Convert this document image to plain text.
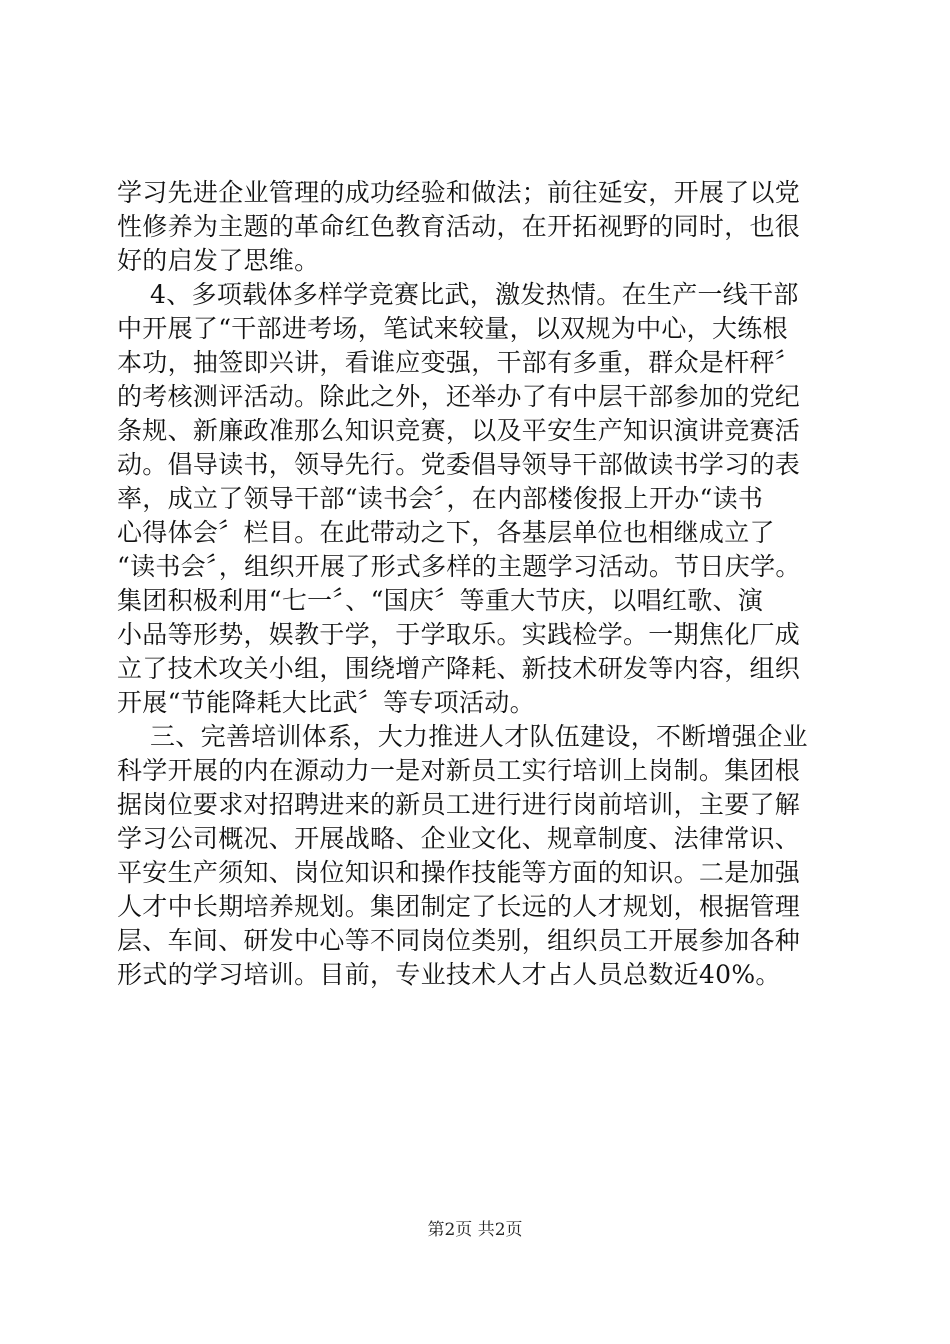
学习先进企业管理的成功经验和做法；前往延安，开展了以党
性修养为主题的革命红色教育活动，在开拓视野的同时，也很
好的启发了思维。
4、多项载体多样学竞赛比武，激发热情。在生产一线干部
中开展了“干部进考场，笔试来较量，以双规为中心，大练根
本功，抽签即兴讲，看谁应变强，干部有多重，群众是杆秤〞
的考核测评活动。除此之外，还举办了有中层干部参加的党纪
条规、新廉政准那么知识竞赛，以及平安生产知识演讲竞赛活
动。倡导读书，领导先行。党委倡导领导干部做读书学习的表
率，成立了领导干部“读书会〞，在内部楼俊报上开办“读书
心得体会〞栏目。在此带动之下，各基层单位也相继成立了
“读书会〞，组织开展了形式多样的主题学习活动。节日庆学。
集团积极利用“七一〞、“国庆〞等重大节庆，以唱红歌、演
小品等形势，娱教于学，于学取乐。实践检学。一期焦化厂成
立了技术攻关小组，围绕增产降耗、新技术研发等内容，组织
开展“节能降耗大比武〞等专项活动。
三、完善培训体系，大力推进人才队伍建设，不断增强企业
科学开展的内在源动力一是对新员工实行培训上岗制。集团根
据岗位要求对招聘进来的新员工进行进行岗前培训，主要了解
学习公司概况、开展战略、企业文化、规章制度、法律常识、
平安生产须知、岗位知识和操作技能等方面的知识。二是加强
人才中长期培养规划。集团制定了长远的人才规划，根据管理
层、车间、研发中心等不同岗位类别，组织员工开展参加各种
形式的学习培训。目前，专业技术人才占人员总数近40%。
第2页 共2页
